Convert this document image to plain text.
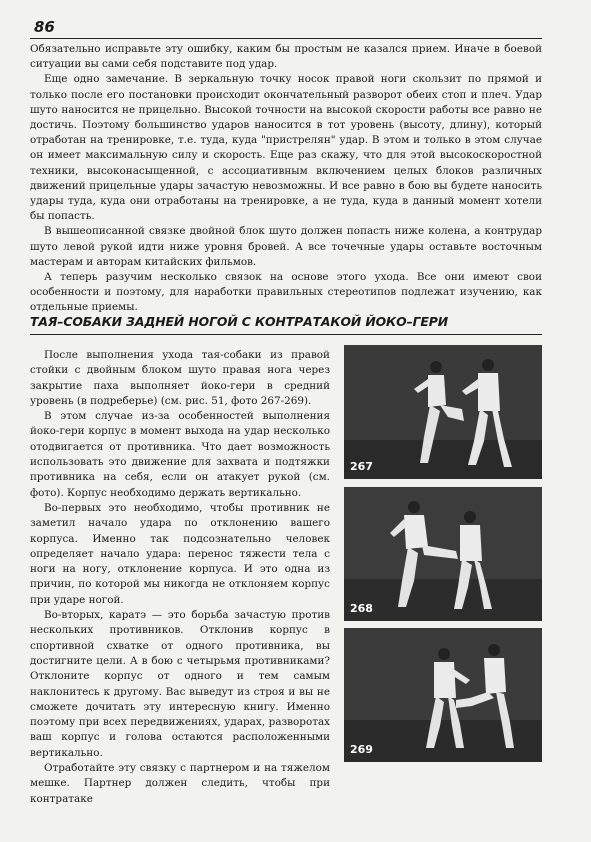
86

Обязательно исправьте эту ошибку, каким бы простым не казался прием. Иначе в боевой ситуации вы сами себя подставите под удар.

Еще одно замечание. В зеркальную точку носок правой ноги скользит по прямой и только после его постановки происходит окончательный разворот обеих стоп и плеч. Удар шуто наносится не прицельно. Высокой точности на высокой скорости работы все равно не достичь. Поэтому большинство ударов наносится в тот уровень (высоту, длину), который отработан на тренировке, т.е. туда, куда "пристрелян" удар. В этом и только в этом случае он имеет максимальную силу и скорость. Еще раз скажу, что для этой высокоскоростной техники, высоконасыщенной, с ассоциативным включением целых блоков различных движений прицельные удары зачастую невозможны. И все равно в бою вы будете наносить удары туда, куда они отработаны на тренировке, а не туда, куда в данный момент хотели бы попасть.

В вышеописанной связке двойной блок шуто должен попасть ниже колена, а контрудар шуто левой рукой идти ниже уровня бровей. А все точечные удары оставьте восточным мастерам и авторам китайских фильмов.

А теперь разучим несколько связок на основе этого ухода. Все они имеют свои особенности и поэтому, для наработки правильных стереотипов подлежат изучению, как отдельные приемы.

ТАЯ–СОБАКИ ЗАДНЕЙ НОГОЙ С КОНТРАТАКОЙ ЙОКО–ГЕРИ

После выполнения ухода тая-собаки из правой стойки с двойным блоком шуто правая нога через закрытие паха выполняет йоко-гери в средний уровень (в подреберье) (см. рис. 51, фото 267-269).

В этом случае из-за особенностей выполнения йоко-гери корпус в момент выхода на удар несколько отодвигается от противника. Что дает возможность использовать это движение для захвата и подтяжки противника на себя, если он атакует рукой (см. фото). Корпус необходимо держать вертикально.

Во-первых это необходимо, чтобы противник не заметил начало удара по отклонению вашего корпуса. Именно так подсознательно человек определяет начало удара: перенос тяжести тела с ноги на ногу, отклонение корпуса. И это одна из причин, по которой мы никогда не отклоняем корпус при ударе ногой.

Во-вторых, каратэ — это борьба зачастую против нескольких противников. Отклонив корпус в спортивной схватке от одного противника, вы достигните цели. А в бою с четырьмя противниками? Отклоните корпус от одного и тем самым наклонитесь к другому. Вас выведут из строя и вы не сможете дочитать эту интересную книгу. Именно поэтому при всех передвижениях, ударах, разворотах ваш корпус и голова остаются расположенными вертикально.

Отработайте эту связку с партнером и на тяжелом мешке. Партнер должен следить, чтобы при контратаке

267
268
269
